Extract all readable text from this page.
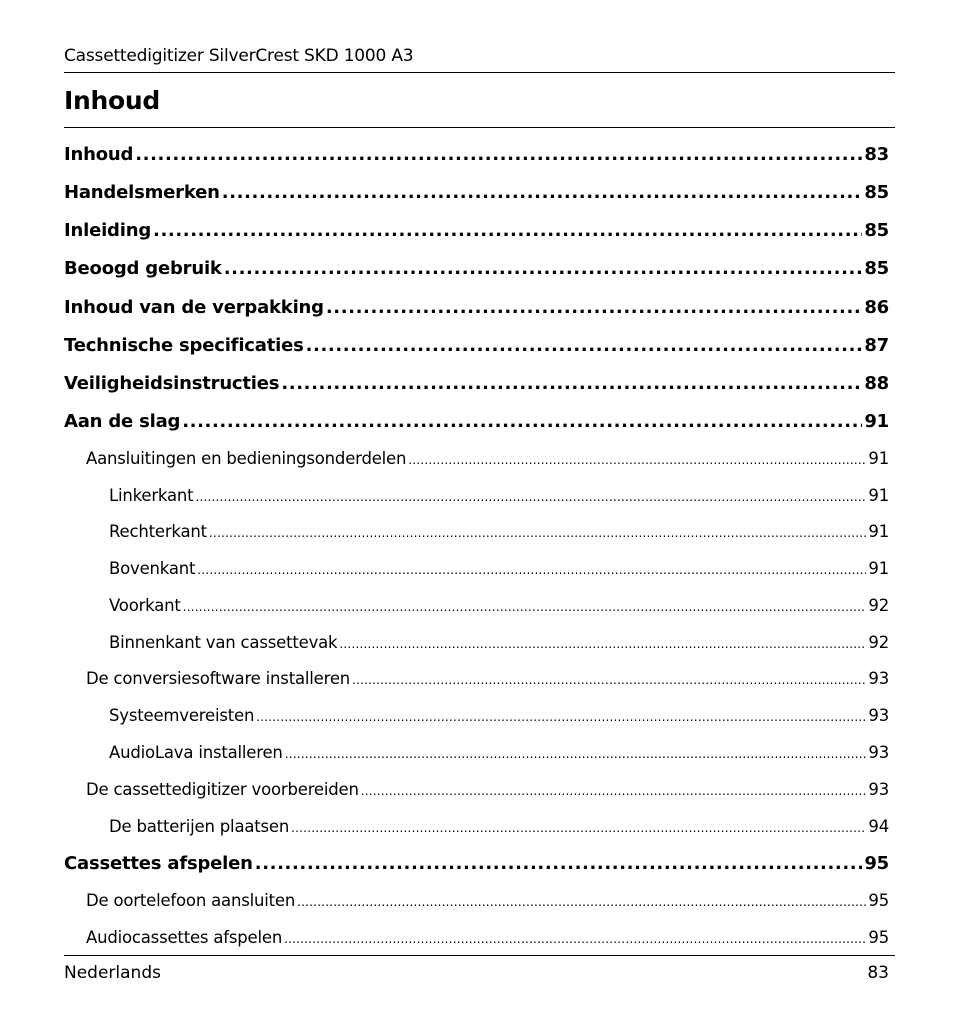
Cassettedigitizer SilverCrest SKD 1000 A3
Inhoud
Inhoud .....	83
Handelsmerken .....	85
Inleiding .....	85
Beoogd gebruik .....	85
Inhoud van de verpakking .....	86
Technische specificaties .....	87
Veiligheidsinstructies .....	88
Aan de slag .....	91
Aansluitingen en bedieningsonderdelen .....	91
Linkerkant .....	91
Rechterkant .....	91
Bovenkant .....	91
Voorkant .....	92
Binnenkant van cassettevak .....	92
De conversiesoftware installeren .....	93
Systeemvereisten .....	93
AudioLava installeren .....	93
De cassettedigitizer voorbereiden .....	93
De batterijen plaatsen .....	94
Cassettes afspelen .....	95
De oortelefoon aansluiten .....	95
Audiocassettes afspelen .....	95
Nederlands	83
